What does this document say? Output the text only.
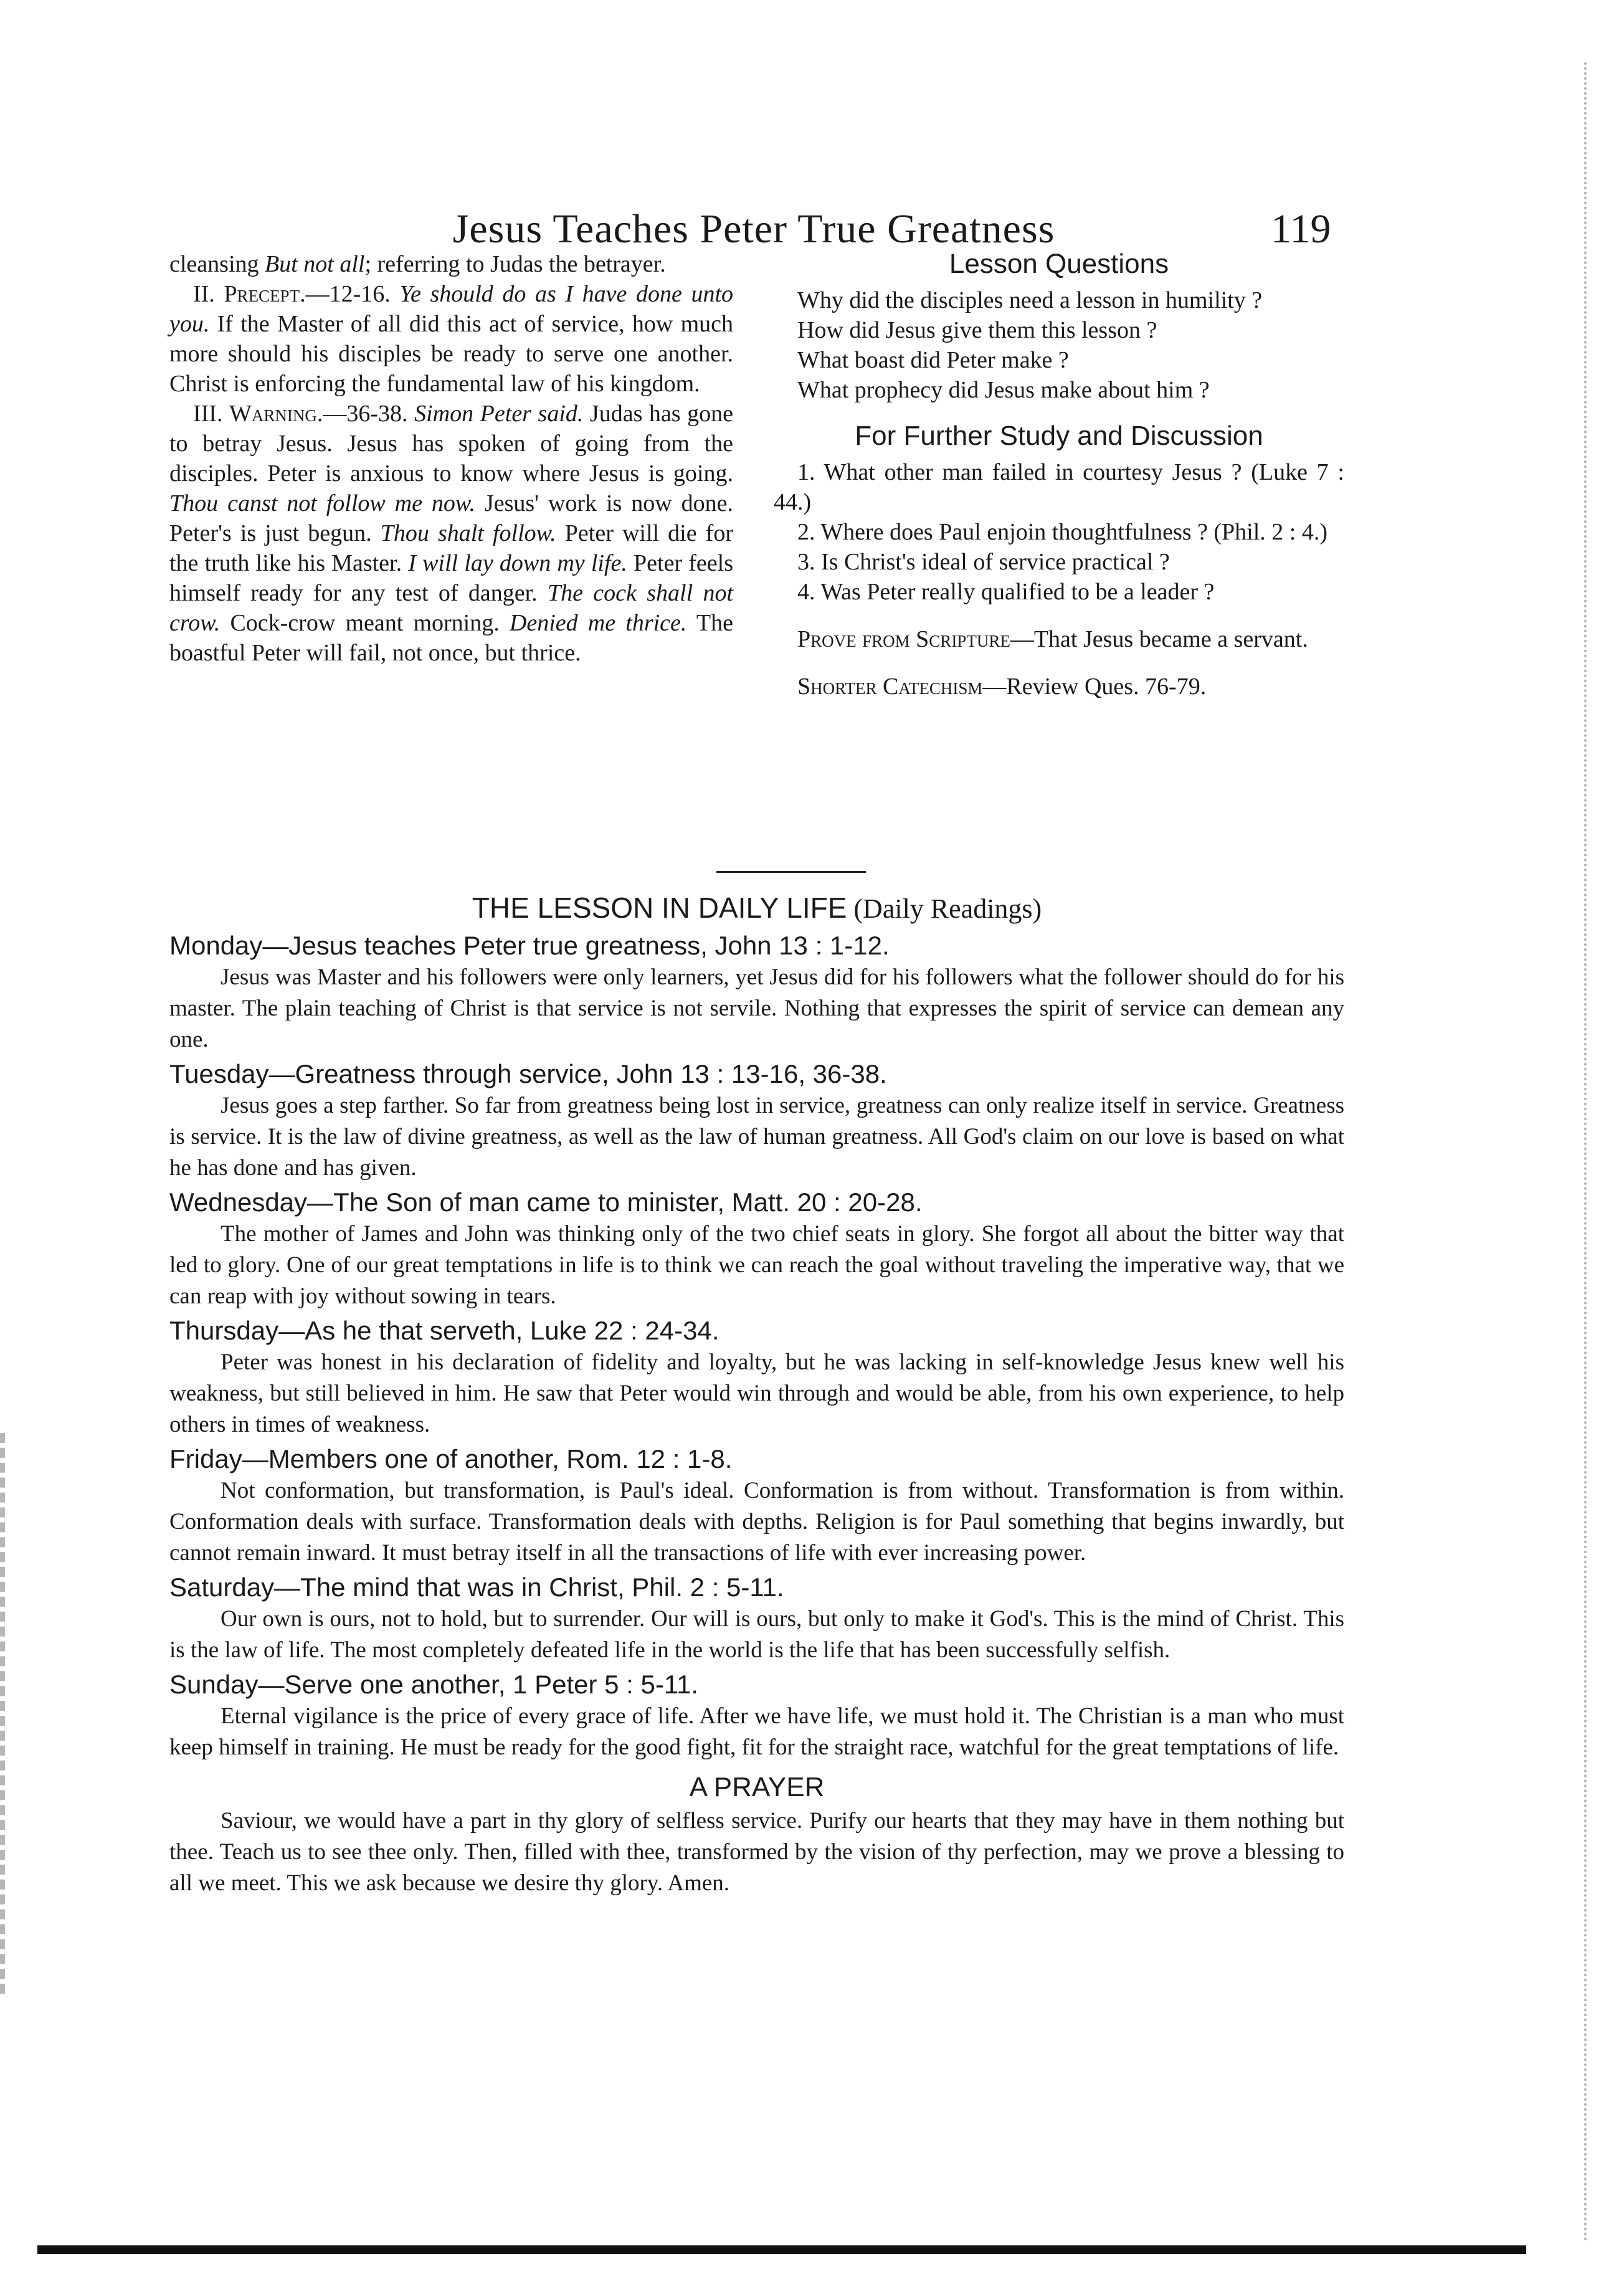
Jesus Teaches Peter True Greatness	119

cleansing But not all; referring to Judas the betrayer.

II. Precept.—12-16. Ye should do as I have done unto you. If the Master of all did this act of service, how much more should his disciples be ready to serve one another. Christ is enforcing the fundamental law of his kingdom.

III. Warning.—36-38. Simon Peter said. Judas has gone to betray Jesus. Jesus has spoken of going from the disciples. Peter is anxious to know where Jesus is going. Thou canst not follow me now. Jesus' work is now done. Peter's is just begun. Thou shalt follow. Peter will die for the truth like his Master. I will lay down my life. Peter feels himself ready for any test of danger. The cock shall not crow. Cock-crow meant morning. Denied me thrice. The boastful Peter will fail, not once, but thrice.

Lesson Questions

Why did the disciples need a lesson in humility ?

How did Jesus give them this lesson ?

What boast did Peter make ?

What prophecy did Jesus make about him ?

For Further Study and Discussion

1. What other man failed in courtesy Jesus ? (Luke 7 : 44.)

2. Where does Paul enjoin thoughtfulness ? (Phil. 2 : 4.)

3. Is Christ's ideal of service practical ?

4. Was Peter really qualified to be a leader ?

Prove from Scripture—That Jesus became a servant.

Shorter Catechism—Review Ques. 76-79.

THE LESSON IN DAILY LIFE (Daily Readings)
Monday—Jesus teaches Peter true greatness, John 13 : 1-12.

Jesus was Master and his followers were only learners, yet Jesus did for his followers what the follower should do for his master. The plain teaching of Christ is that service is not servile. Nothing that expresses the spirit of service can demean any one.

Tuesday—Greatness through service, John 13 : 13-16, 36-38.

Jesus goes a step farther. So far from greatness being lost in service, greatness can only realize itself in service. Greatness is service. It is the law of divine greatness, as well as the law of human greatness. All God's claim on our love is based on what he has done and has given.

Wednesday—The Son of man came to minister, Matt. 20 : 20-28.

The mother of James and John was thinking only of the two chief seats in glory. She forgot all about the bitter way that led to glory. One of our great temptations in life is to think we can reach the goal without traveling the imperative way, that we can reap with joy without sowing in tears.

Thursday—As he that serveth, Luke 22 : 24-34.

Peter was honest in his declaration of fidelity and loyalty, but he was lacking in self-knowledge Jesus knew well his weakness, but still believed in him. He saw that Peter would win through and would be able, from his own experience, to help others in times of weakness.

Friday—Members one of another, Rom. 12 : 1-8.

Not conformation, but transformation, is Paul's ideal. Conformation is from without. Transformation is from within. Conformation deals with surface. Transformation deals with depths. Religion is for Paul something that begins inwardly, but cannot remain inward. It must betray itself in all the transactions of life with ever increasing power.

Saturday—The mind that was in Christ, Phil. 2 : 5-11.

Our own is ours, not to hold, but to surrender. Our will is ours, but only to make it God's. This is the mind of Christ. This is the law of life. The most completely defeated life in the world is the life that has been successfully selfish.

Sunday—Serve one another, 1 Peter 5 : 5-11.

Eternal vigilance is the price of every grace of life. After we have life, we must hold it. The Christian is a man who must keep himself in training. He must be ready for the good fight, fit for the straight race, watchful for the great temptations of life.

A PRAYER

Saviour, we would have a part in thy glory of selfless service. Purify our hearts that they may have in them nothing but thee. Teach us to see thee only. Then, filled with thee, transformed by the vision of thy perfection, may we prove a blessing to all we meet. This we ask because we desire thy glory. Amen.
